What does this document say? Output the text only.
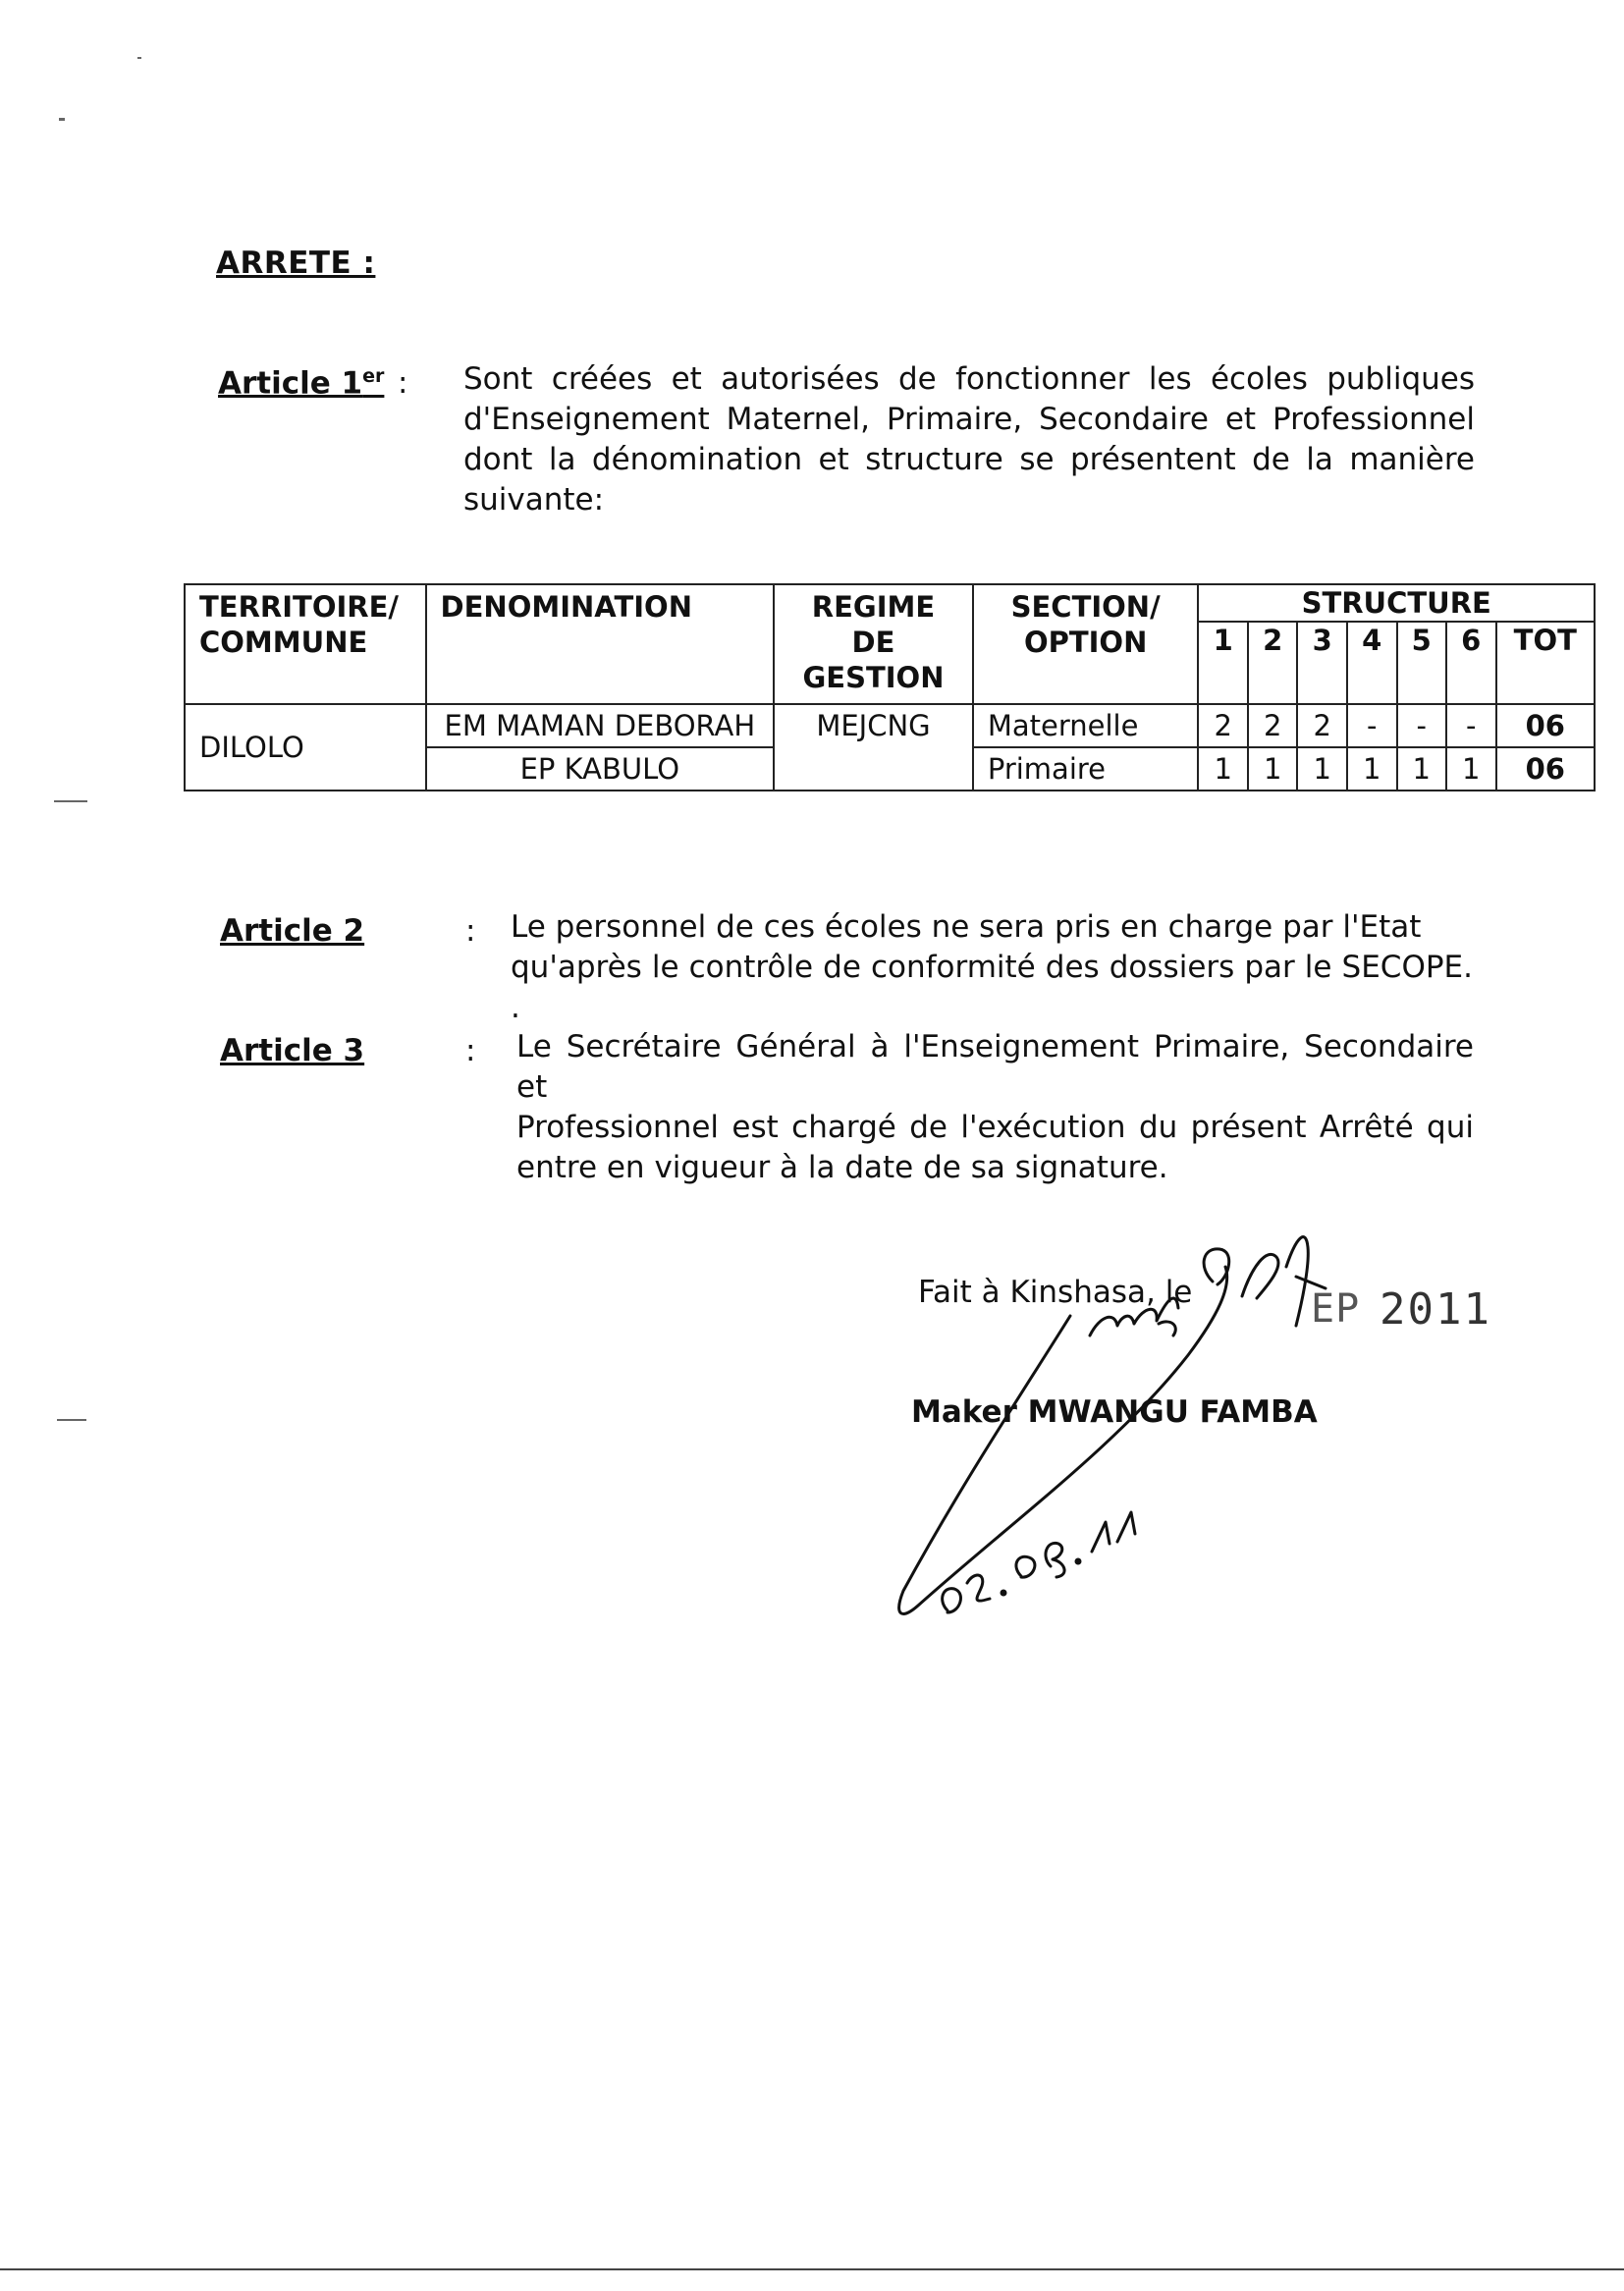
ARRETE :
Article 1er : Sont créées et autorisées de fonctionner les écoles publiques
d'Enseignement Maternel, Primaire, Secondaire et Professionnel
dont la dénomination et structure se présentent de la manière
suivante:
TERRITOIRE/ COMMUNE	DENOMINATION	REGIME DE GESTION	SECTION/ OPTION	STRUCTURE						
				1	2	3	4	5	6	TOT
DILOLO	EM MAMAN DEBORAH	MEJCNG	Maternelle	2	2	2	-	-	-	06
	EP KABULO		Primaire	1	1	1	1	1	1	06
Article 2	: Le personnel de ces écoles ne sera pris en charge par l'Etat
qu'après le contrôle de conformité des dossiers par le SECOPE. .
Article 3	: Le Secrétaire Général à l'Enseignement Primaire, Secondaire et
Professionnel est chargé de l'exécution du présent Arrêté qui
entre en vigueur à la date de sa signature.
Fait à Kinshasa, le	EP 2011
Maker MWANGU FAMBA
